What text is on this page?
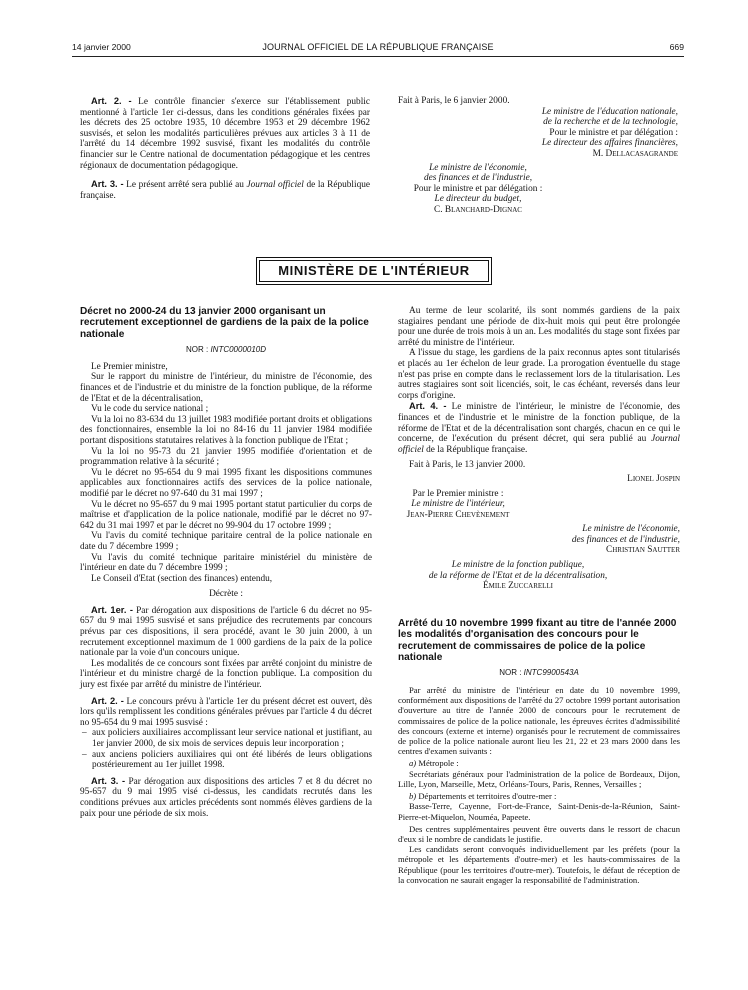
14 janvier 2000	JOURNAL OFFICIEL DE LA RÉPUBLIQUE FRANÇAISE	669

Art. 2. - Le contrôle financier s'exerce sur l'établissement public mentionné à l'article 1er ci-dessus, dans les conditions générales fixées par les décrets des 25 octobre 1935, 10 décembre 1953 et 29 décembre 1962 susvisés, et selon les modalités particulières prévues aux articles 3 à 11 de l'arrêté du 14 décembre 1992 susvisé, fixant les modalités du contrôle financier sur le Centre national de documentation pédagogique et les centres régionaux de documentation pédagogique.

Art. 3. - Le présent arrêté sera publié au Journal officiel de la République française.

Fait à Paris, le 6 janvier 2000.

Le ministre de l'éducation nationale,
de la recherche et de la technologie,
Pour le ministre et par délégation :
Le directeur des affaires financières,
M. Dellacasagrande
Le ministre de l'économie,
des finances et de l'industrie,
Pour le ministre et par délégation :
Le directeur du budget,
C. Blanchard-Dignac
MINISTÈRE DE L'INTÉRIEUR
Décret no 2000-24 du 13 janvier 2000 organisant un recrutement exceptionnel de gardiens de la paix de la police nationale
NOR : INTC0000010D

Le Premier ministre,

Sur le rapport du ministre de l'intérieur, du ministre de l'économie, des finances et de l'industrie et du ministre de la fonction publique, de la réforme de l'Etat et de la décentralisation,

Vu le code du service national ;

Vu la loi no 83-634 du 13 juillet 1983 modifiée portant droits et obligations des fonctionnaires, ensemble la loi no 84-16 du 11 janvier 1984 modifiée portant dispositions statutaires relatives à la fonction publique de l'Etat ;

Vu la loi no 95-73 du 21 janvier 1995 modifiée d'orientation et de programmation relative à la sécurité ;

Vu le décret no 95-654 du 9 mai 1995 fixant les dispositions communes applicables aux fonctionnaires actifs des services de la police nationale, modifié par le décret no 97-640 du 31 mai 1997 ;

Vu le décret no 95-657 du 9 mai 1995 portant statut particulier du corps de maîtrise et d'application de la police nationale, modifié par le décret no 97-642 du 31 mai 1997 et par le décret no 99-904 du 17 octobre 1999 ;

Vu l'avis du comité technique paritaire central de la police nationale en date du 7 décembre 1999 ;

Vu l'avis du comité technique paritaire ministériel du ministère de l'intérieur en date du 7 décembre 1999 ;

Le Conseil d'Etat (section des finances) entendu,

Décrète :

Art. 1er. - Par dérogation aux dispositions de l'article 6 du décret no 95-657 du 9 mai 1995 susvisé et sans préjudice des recrutements par concours prévus par ces dispositions, il sera procédé, avant le 30 juin 2000, à un recrutement exceptionnel maximum de 1 000 gardiens de la paix de la police nationale par la voie d'un concours unique.

Les modalités de ce concours sont fixées par arrêté conjoint du ministre de l'intérieur et du ministre chargé de la fonction publique. La composition du jury est fixée par arrêté du ministre de l'intérieur.

Art. 2. - Le concours prévu à l'article 1er du présent décret est ouvert, dès lors qu'ils remplissent les conditions générales prévues par l'article 4 du décret no 95-654 du 9 mai 1995 susvisé :

– aux policiers auxiliaires accomplissant leur service national et justifiant, au 1er janvier 2000, de six mois de services depuis leur incorporation ;
– aux anciens policiers auxiliaires qui ont été libérés de leurs obligations postérieurement au 1er juillet 1998.

Art. 3. - Par dérogation aux dispositions des articles 7 et 8 du décret no 95-657 du 9 mai 1995 visé ci-dessus, les candidats recrutés dans les conditions prévues aux articles précédents sont nommés élèves gardiens de la paix pour une période de six mois.

Au terme de leur scolarité, ils sont nommés gardiens de la paix stagiaires pendant une période de dix-huit mois qui peut être prolongée pour une durée de trois mois à un an. Les modalités du stage sont fixées par arrêté du ministre de l'intérieur.

A l'issue du stage, les gardiens de la paix reconnus aptes sont titularisés et placés au 1er échelon de leur grade. La prorogation éventuelle du stage n'est pas prise en compte dans le reclassement lors de la titularisation. Les autres stagiaires sont soit licenciés, soit, le cas échéant, reversés dans leur corps d'origine.

Art. 4. - Le ministre de l'intérieur, le ministre de l'économie, des finances et de l'industrie et le ministre de la fonction publique, de la réforme de l'Etat et de la décentralisation sont chargés, chacun en ce qui le concerne, de l'exécution du présent décret, qui sera publié au Journal officiel de la République française.

Fait à Paris, le 13 janvier 2000.

Lionel Jospin
Par le Premier ministre :
Le ministre de l'intérieur,
Jean-Pierre Chevènement
Le ministre de l'économie,
des finances et de l'industrie,
Christian Sautter
Le ministre de la fonction publique,
de la réforme de l'Etat et de la décentralisation,
Émile Zuccarelli
Arrêté du 10 novembre 1999 fixant au titre de l'année 2000 les modalités d'organisation des concours pour le recrutement de commissaires de police de la police nationale
NOR : INTC9900543A

Par arrêté du ministre de l'intérieur en date du 10 novembre 1999, conformément aux dispositions de l'arrêté du 27 octobre 1999 portant autorisation d'ouverture au titre de l'année 2000 de concours pour le recrutement de commissaires de police de la police nationale, les épreuves écrites d'admissibilité des concours (externe et interne) organisés pour le recrutement de commissaires de police de la police nationale auront lieu les 21, 22 et 23 mars 2000 dans les centres d'examen suivants :

a) Métropole :

Secrétariats généraux pour l'administration de la police de Bordeaux, Dijon, Lille, Lyon, Marseille, Metz, Orléans-Tours, Paris, Rennes, Versailles ;

b) Départements et territoires d'outre-mer :

Basse-Terre, Cayenne, Fort-de-France, Saint-Denis-de-la-Réunion, Saint-Pierre-et-Miquelon, Nouméa, Papeete.

Des centres supplémentaires peuvent être ouverts dans le ressort de chacun d'eux si le nombre de candidats le justifie.

Les candidats seront convoqués individuellement par les préfets (pour la métropole et les départements d'outre-mer) et les hauts-commissaires de la République (pour les territoires d'outre-mer). Toutefois, le défaut de réception de la convocation ne saurait engager la responsabilité de l'administration.
